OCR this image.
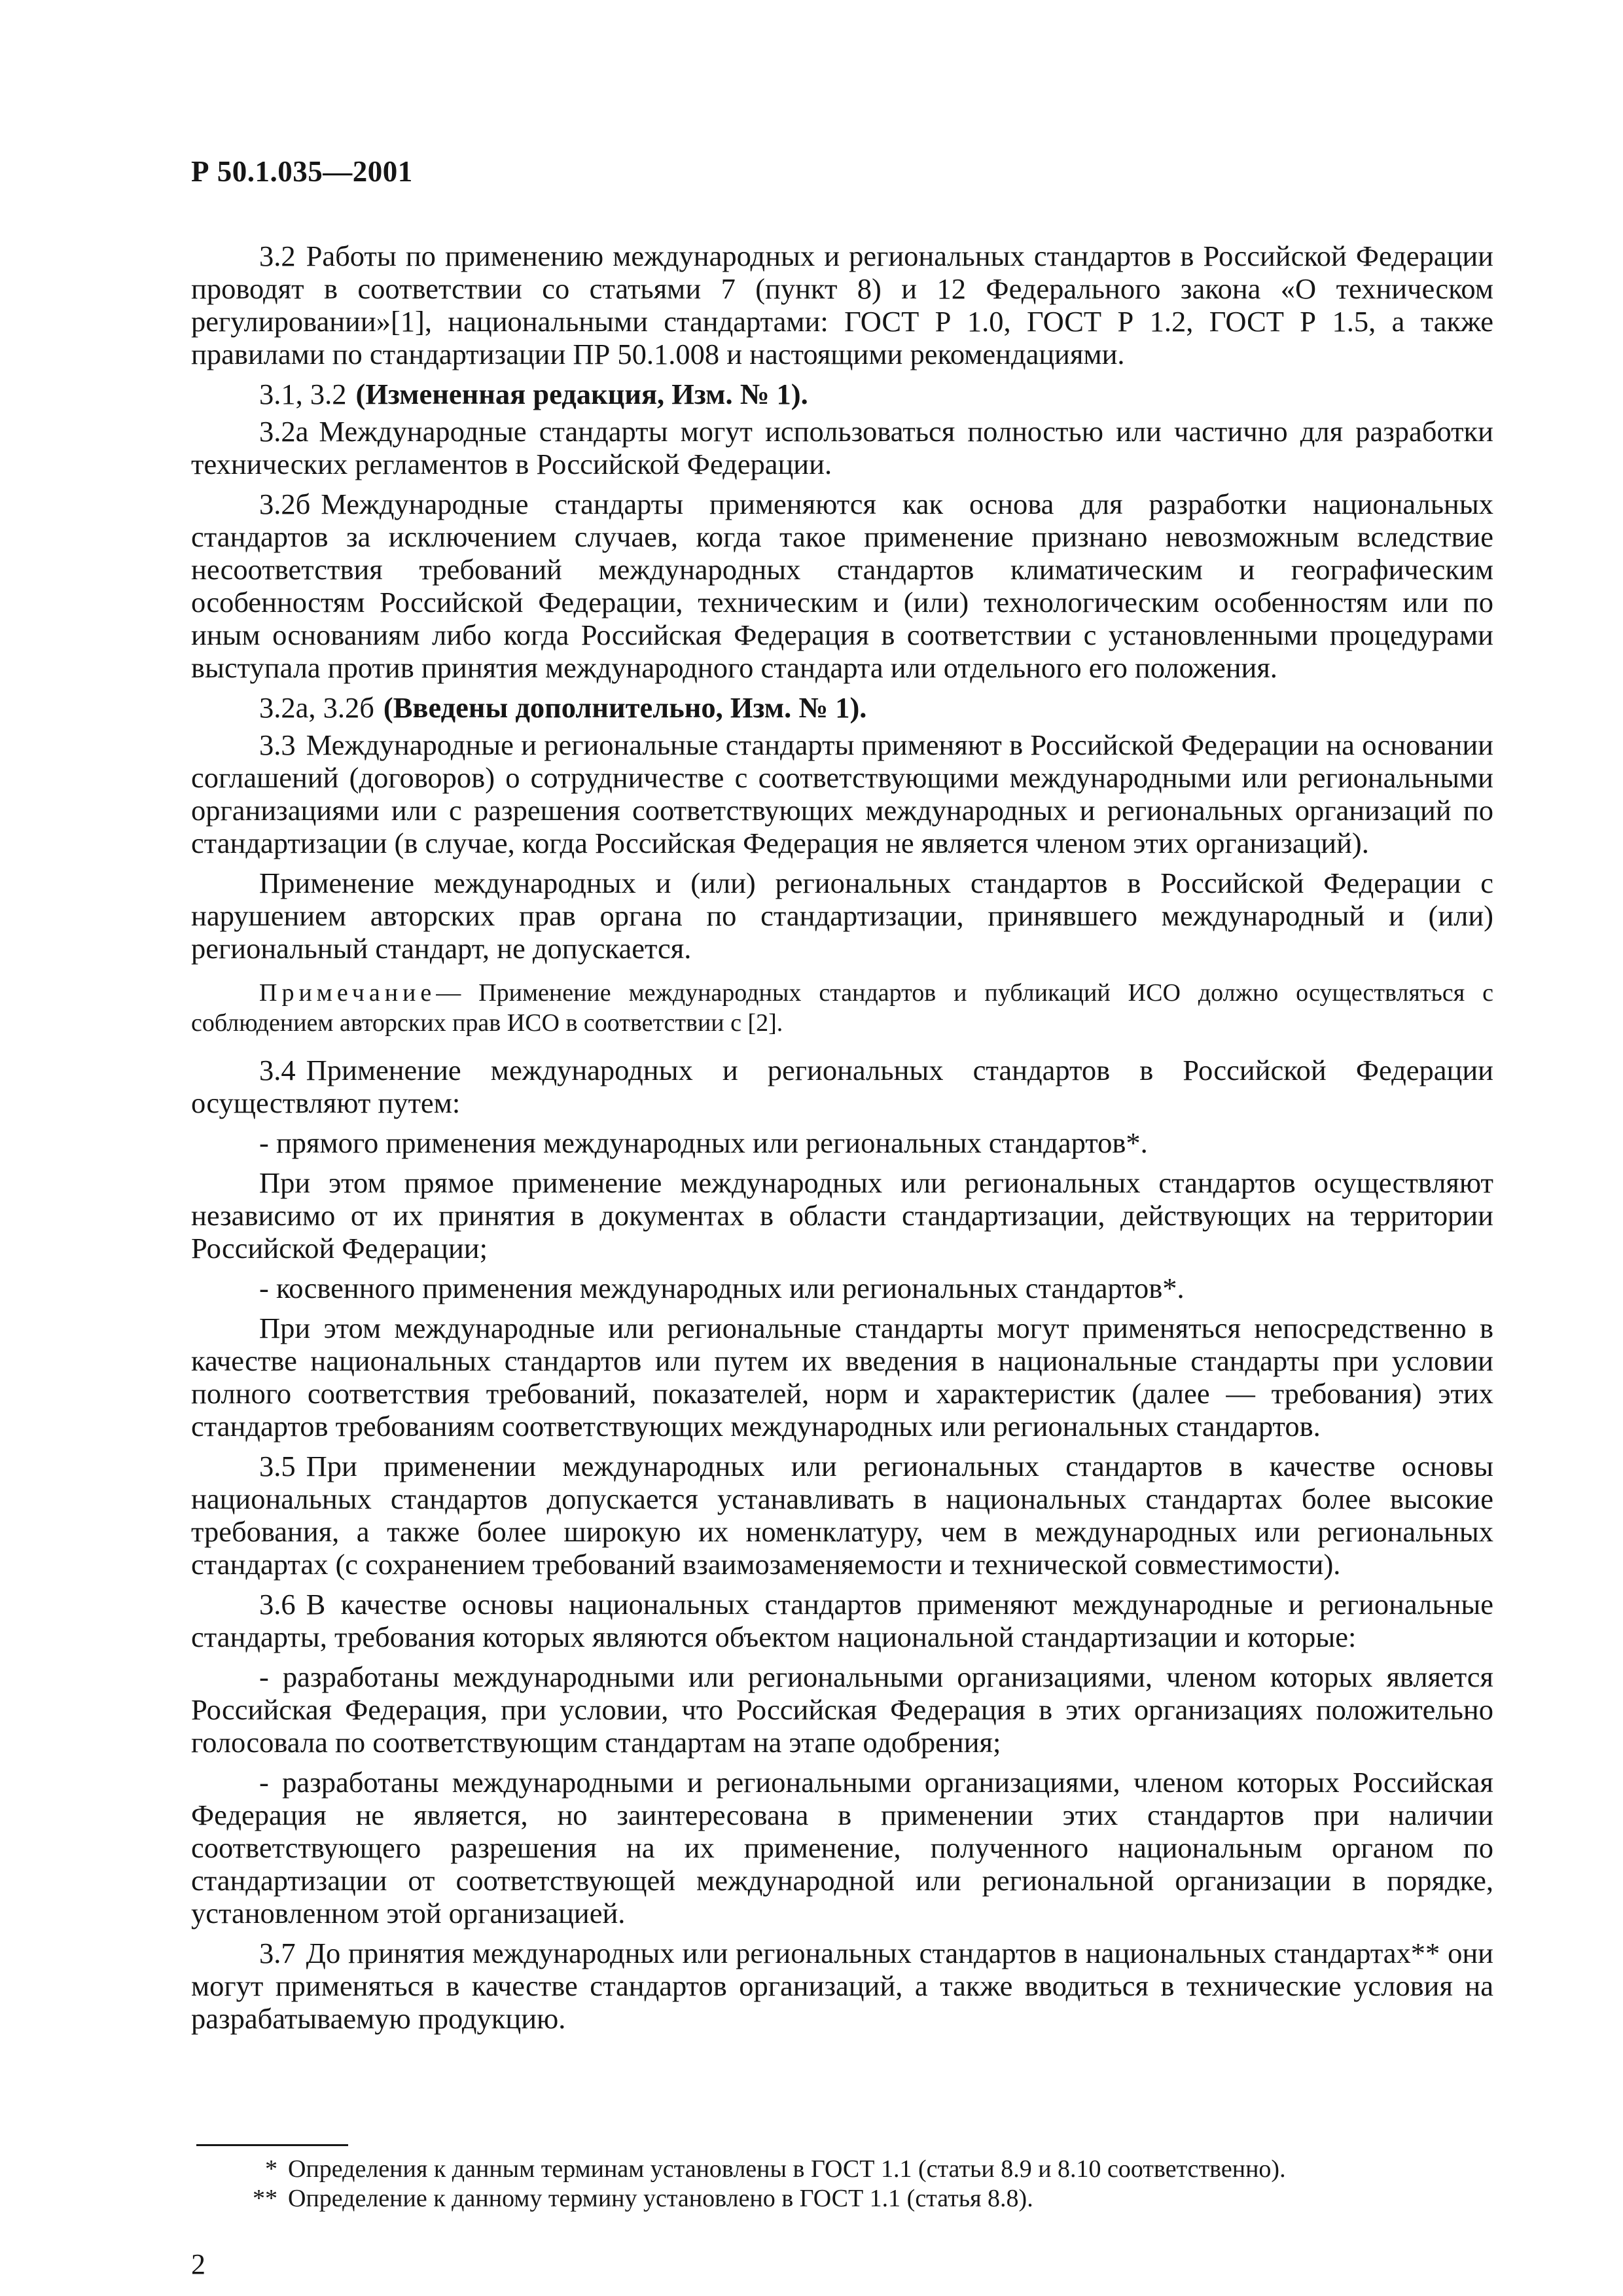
Р 50.1.035—2001

3.2 Работы по применению международных и региональных стандартов в Российской Федерации проводят в соответствии со статьями 7 (пункт 8) и 12 Федерального закона «О техническом регулировании»[1], национальными стандартами: ГОСТ Р 1.0, ГОСТ Р 1.2, ГОСТ Р 1.5, а также правилами по стандартизации ПР 50.1.008 и настоящими рекомендациями.

3.1, 3.2 (Измененная редакция, Изм. № 1).

3.2а Международные стандарты могут использоваться полностью или частично для разработки технических регламентов в Российской Федерации.

3.2б Международные стандарты применяются как основа для разработки национальных стандартов за исключением случаев, когда такое применение признано невозможным вследствие несоответствия требований международных стандартов климатическим и географическим особенностям Российской Федерации, техническим и (или) технологическим особенностям или по иным основаниям либо когда Российская Федерация в соответствии с установленными процедурами выступала против принятия международного стандарта или отдельного его положения.

3.2а, 3.2б (Введены дополнительно, Изм. № 1).

3.3 Международные и региональные стандарты применяют в Российской Федерации на основании соглашений (договоров) о сотрудничестве с соответствующими международными или региональными организациями или с разрешения соответствующих международных и региональных организаций по стандартизации (в случае, когда Российская Федерация не является членом этих организаций).

Применение международных и (или) региональных стандартов в Российской Федерации с нарушением авторских прав органа по стандартизации, принявшего международный и (или) региональный стандарт, не допускается.

Примечание— Применение международных стандартов и публикаций ИСО должно осуществляться с соблюдением авторских прав ИСО в соответствии с [2].

3.4 Применение международных и региональных стандартов в Российской Федерации осуществляют путем:

- прямого применения международных или региональных стандартов*.

При этом прямое применение международных или региональных стандартов осуществляют независимо от их принятия в документах в области стандартизации, действующих на территории Российской Федерации;

- косвенного применения международных или региональных стандартов*.

При этом международные или региональные стандарты могут применяться непосредственно в качестве национальных стандартов или путем их введения в национальные стандарты при условии полного соответствия требований, показателей, норм и характеристик (далее — требования) этих стандартов требованиям соответствующих международных или региональных стандартов.

3.5 При применении международных или региональных стандартов в качестве основы национальных стандартов допускается устанавливать в национальных стандартах более высокие требования, а также более широкую их номенклатуру, чем в международных или региональных стандартах (с сохранением требований взаимозаменяемости и технической совместимости).

3.6 В качестве основы национальных стандартов применяют международные и региональные стандарты, требования которых являются объектом национальной стандартизации и которые:

- разработаны международными или региональными организациями, членом которых является Российская Федерация, при условии, что Российская Федерация в этих организациях положительно голосовала по соответствующим стандартам на этапе одобрения;

- разработаны международными и региональными организациями, членом которых Российская Федерация не является, но заинтересована в применении этих стандартов при наличии соответствующего разрешения на их применение, полученного национальным органом по стандартизации от соответствующей международной или региональной организации в порядке, установленном этой организацией.

3.7 До принятия международных или региональных стандартов в национальных стандартах** они могут применяться в качестве стандартов организаций, а также вводиться в технические условия на разрабатываемую продукцию.

* Определения к данным терминам установлены в ГОСТ 1.1 (статьи 8.9 и 8.10 соответственно).
** Определение к данному термину установлено в ГОСТ 1.1 (статья 8.8).
2
